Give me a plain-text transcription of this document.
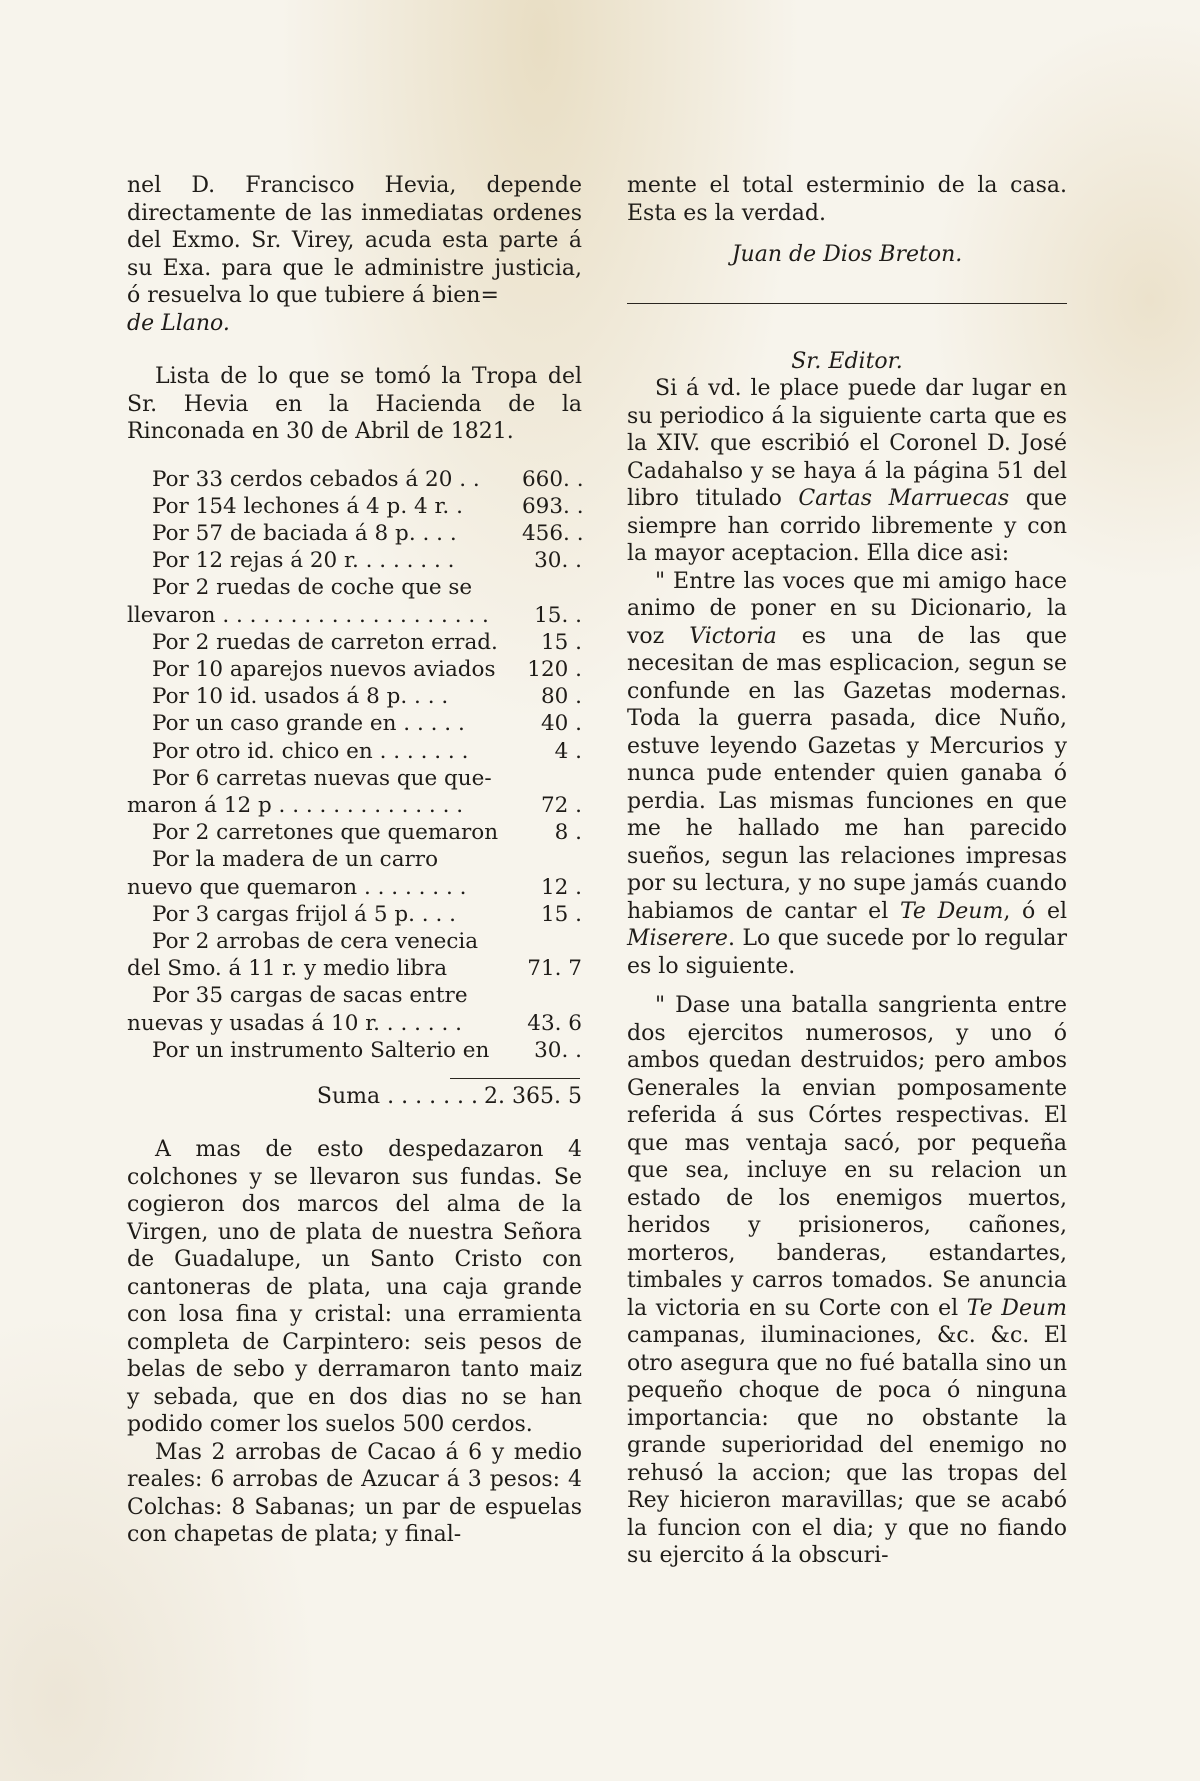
nel D. Francisco Hevia, depende directamente de las inmediatas ordenes del Exmo. Sr. Virey, acuda esta parte á su Exa. para que le administre justicia, ó resuelva lo que tubiere á bien=
de Llano.

Lista de lo que se tomó la Tropa del Sr. Hevia en la Hacienda de la Rinconada en 30 de Abril de 1821.

Por 33 cerdos cebados á 20 . .	660. .
Por 154 lechones á 4 p. 4 r. .	693. .
Por 57 de baciada á 8 p. . . .	456. .
Por 12 rejas á 20 r. . . . . . . .	30. .
Por 2 ruedas de coche que se
llevaron . . . . . . . . . . . . . . . . . . . .	15. .
Por 2 ruedas de carreton errad.	15 .
Por 10 aparejos nuevos aviados	120 .
Por 10 id. usados á 8 p. . . .	80 .
Por un caso grande en . . . . .	40 .
Por otro id. chico en . . . . . . .	4 .
Por 6 carretas nuevas que que-
maron á 12 p . . . . . . . . . . . . . .	72 .
Por 2 carretones que quemaron	8 .
Por la madera de un carro
nuevo que quemaron . . . . . . . .	12 .
Por 3 cargas frijol á 5 p. . . .	15 .
Por 2 arrobas de cera venecia
del Smo. á 11 r. y medio libra	71. 7
Por 35 cargas de sacas entre
nuevas y usadas á 10 r. . . . . . .	43. 6
Por un instrumento Salterio en	30. .
Suma . . . . . . . 2. 365. 5

A mas de esto despedazaron 4 colchones y se llevaron sus fundas. Se cogieron dos marcos del alma de la Virgen, uno de plata de nuestra Señora de Guadalupe, un Santo Cristo con cantoneras de plata, una caja grande con losa fina y cristal: una erramienta completa de Carpintero: seis pesos de belas de sebo y derramaron tanto maiz y sebada, que en dos dias no se han podido comer los suelos 500 cerdos.

Mas 2 arrobas de Cacao á 6 y medio reales: 6 arrobas de Azucar á 3 pesos: 4 Colchas: 8 Sabanas; un par de espuelas con chapetas de plata; y final-

mente el total esterminio de la casa. Esta es la verdad.

Juan de Dios Breton.

Sr. Editor.

Si á vd. le place puede dar lugar en su periodico á la siguiente carta que es la XIV. que escribió el Coronel D. José Cadahalso y se haya á la página 51 del libro titulado Cartas Marruecas que siempre han corrido libremente y con la mayor aceptacion. Ella dice asi:

" Entre las voces que mi amigo hace animo de poner en su Dicionario, la voz Victoria es una de las que necesitan de mas esplicacion, segun se confunde en las Gazetas modernas. Toda la guerra pasada, dice Nuño, estuve leyendo Gazetas y Mercurios y nunca pude entender quien ganaba ó perdia. Las mismas funciones en que me he hallado me han parecido sueños, segun las relaciones impresas por su lectura, y no supe jamás cuando habiamos de cantar el Te Deum, ó el Miserere. Lo que sucede por lo regular es lo siguiente.

" Dase una batalla sangrienta entre dos ejercitos numerosos, y uno ó ambos quedan destruidos; pero ambos Generales la envian pomposamente referida á sus Córtes respectivas. El que mas ventaja sacó, por pequeña que sea, incluye en su relacion un estado de los enemigos muertos, heridos y prisioneros, cañones, morteros, banderas, estandartes, timbales y carros tomados. Se anuncia la victoria en su Corte con el Te Deum campanas, iluminaciones, &c. &c. El otro asegura que no fué batalla sino un pequeño choque de poca ó ninguna importancia: que no obstante la grande superioridad del enemigo no rehusó la accion; que las tropas del Rey hicieron maravillas; que se acabó la funcion con el dia; y que no fiando su ejercito á la obscuri-
